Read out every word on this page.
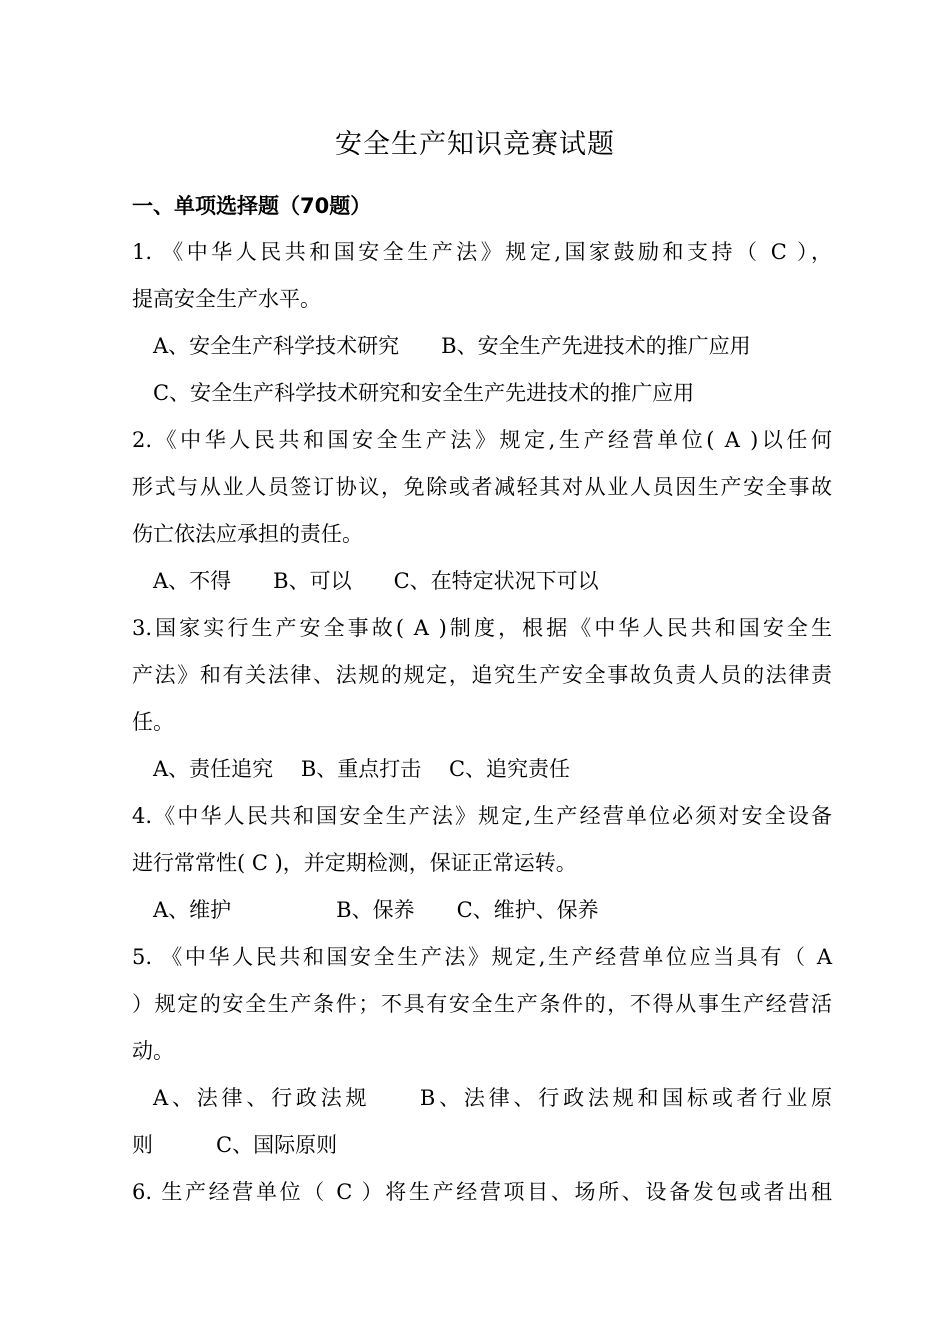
安全生产知识竞赛试题
一、单项选择题（70题）
1. 《中华人民共和国安全生产法》规定,国家鼓励和支持（ C ），
提高安全生产水平。
A、安全生产科学技术研究　　B、安全生产先进技术的推广应用
C、安全生产科学技术研究和安全生产先进技术的推广应用
2.《中华人民共和国安全生产法》规定,生产经营单位( A )以任何
形式与从业人员签订协议，免除或者减轻其对从业人员因生产安全事故
伤亡依法应承担的责任。
A、不得　　B、可以　　C、在特定状况下可以
3.国家实行生产安全事故( A )制度，根据《中华人民共和国安全生
产法》和有关法律、法规的规定，追究生产安全事故负责人员的法律责
任。
A、责任追究　 B、重点打击　 C、追究责任
4.《中华人民共和国安全生产法》规定,生产经营单位必须对安全设备
进行常常性( C )，并定期检测，保证正常运转。
A、维护　　　　　B、保养　　C、维护、保养
5. 《中华人民共和国安全生产法》规定,生产经营单位应当具有（ A
）规定的安全生产条件；不具有安全生产条件的，不得从事生产经营活
动。
A、法律、行政法规　　B、法律、行政法规和国标或者行业原
则　　　C、国际原则
6. 生产经营单位（ C ）将生产经营项目、场所、设备发包或者出租
